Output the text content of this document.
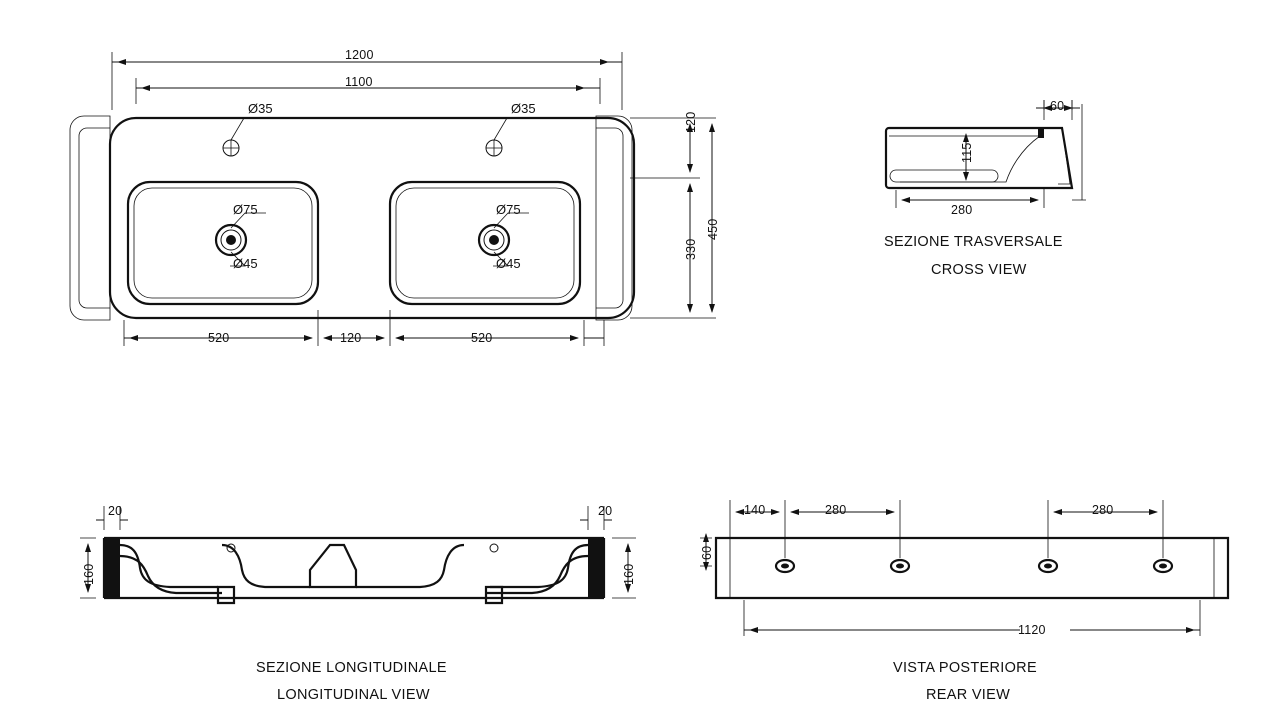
1200
1100
Ø35	Ø35
Ø75
Ø45
Ø75
Ø45
120
330
450
520	120	520
60
115
280
SEZIONE TRASVERSALE
CROSS VIEW
20	20
160	160
SEZIONE LONGITUDINALE
LONGITUDINAL VIEW
140	280	280
60
1120
VISTA POSTERIORE
REAR VIEW
